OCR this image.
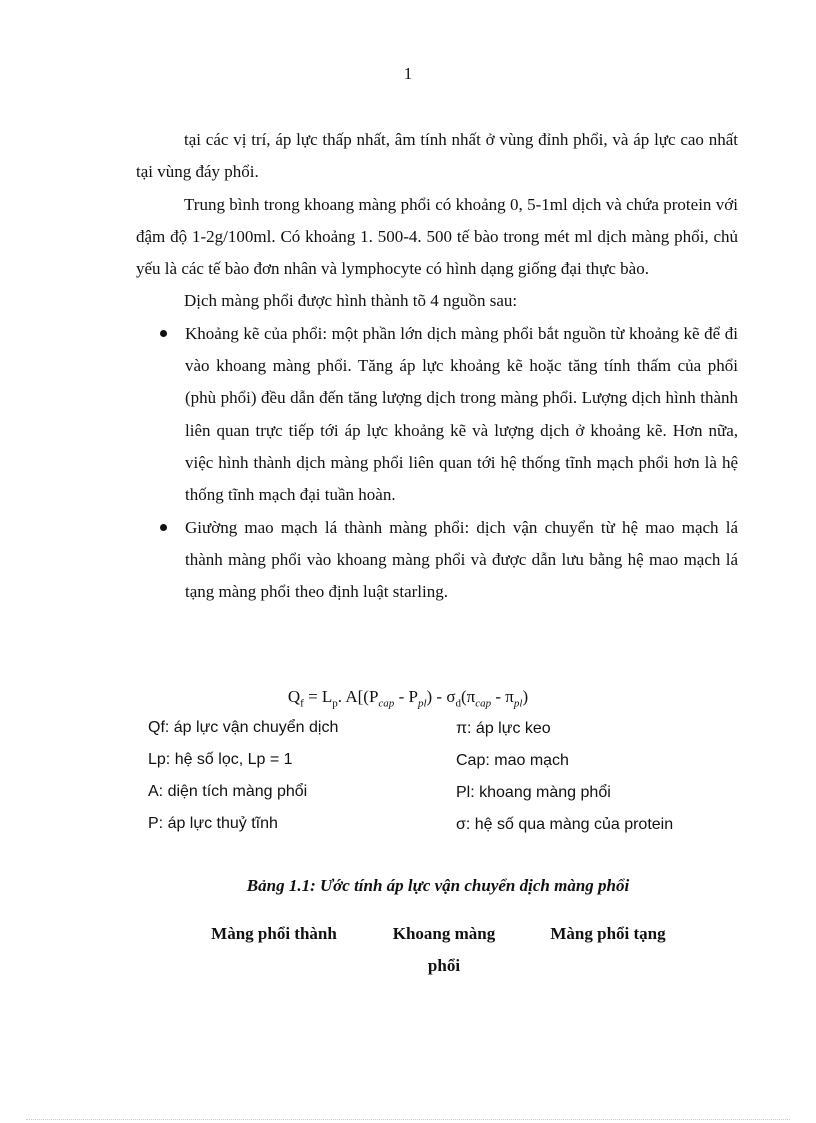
1

tại các vị trí, áp lực thấp nhất, âm tính nhất ở vùng đỉnh phổi, và áp lực cao nhất tại vùng đáy phổi.

Trung bình trong khoang màng phổi có khoảng 0, 5-1ml dịch và chứa protein với đậm độ 1-2g/100ml. Có khoảng 1. 500-4. 500 tế bào trong mét ml dịch màng phổi, chủ yếu là các tế bào đơn nhân và lymphocyte có hình dạng giống đại thực bào.

Dịch màng phổi được hình thành tõ 4 nguồn sau:

Khoảng kẽ của phổi: một phần lớn dịch màng phổi bắt nguồn từ khoảng kẽ để đi vào khoang màng phổi. Tăng áp lực khoảng kẽ hoặc tăng tính thấm của phổi (phù phổi) đều dẫn đến tăng lượng dịch trong màng phổi. Lượng dịch hình thành liên quan trực tiếp tới áp lực khoảng kẽ và lượng dịch ở khoảng kẽ. Hơn nữa, việc hình thành dịch màng phổi liên quan tới hệ thống tĩnh mạch phổi hơn là hệ thống tĩnh mạch đại tuần hoàn.
Giường mao mạch lá thành màng phổi: dịch vận chuyển từ hệ mao mạch lá thành màng phổi vào khoang màng phổi và được dẫn lưu bằng hệ mao mạch lá tạng màng phổi theo định luật starling.
$Q_f = L_p$. $A[(P_{cap} - P_{pl}) - \sigma_d(\pi_{cap} - \pi_{pl})$
Qf: áp lực vận chuyển dịch
Lp: hệ số lọc, Lp = 1
A: diện tích màng phổi
P: áp lực thuỷ tĩnh
π: áp lực keo
Cap: mao mạch
Pl: khoang màng phổi
σ: hệ số qua màng của protein
Bảng 1.1: Ước tính áp lực vận chuyển dịch màng phổi
Màng phổi thành	Khoang màng phổi
Màng phổi tạng
